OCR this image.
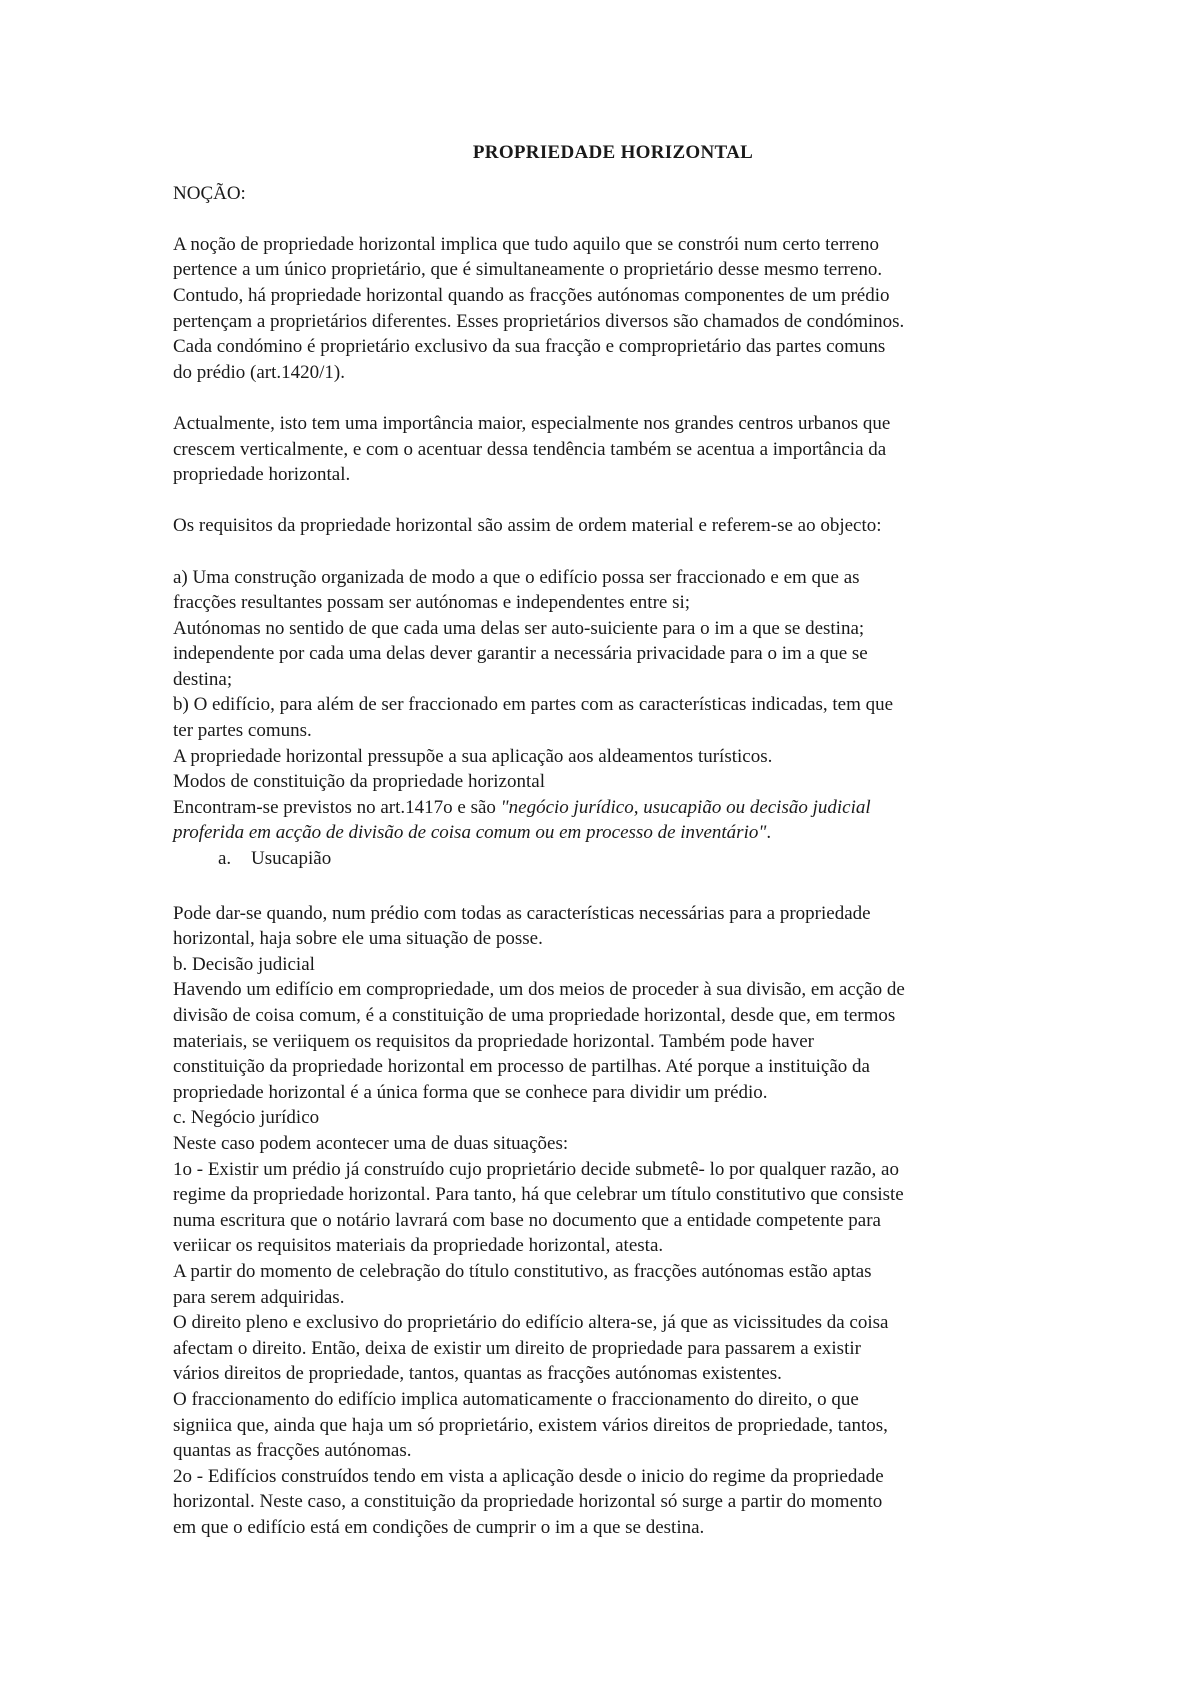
PROPRIEDADE HORIZONTAL
NOÇÃO:
A noção de propriedade horizontal implica que tudo aquilo que se constrói num certo terreno
pertence a um único proprietário, que é simultaneamente o proprietário desse mesmo terreno.
Contudo, há propriedade horizontal quando as fracções autónomas componentes de um prédio
pertençam a proprietários diferentes. Esses proprietários diversos são chamados de condóminos.
Cada condómino é proprietário exclusivo da sua fracção e comproprietário das partes comuns
do prédio (art.1420/1).
Actualmente, isto tem uma importância maior, especialmente nos grandes centros urbanos que
crescem verticalmente, e com o acentuar dessa tendência também se acentua a importância da
propriedade horizontal.
Os requisitos da propriedade horizontal são assim de ordem material e referem-se ao objecto:
a) Uma construção organizada de modo a que o edifício possa ser fraccionado e em que as
fracções resultantes possam ser autónomas e independentes entre si;
Autónomas no sentido de que cada uma delas ser auto-suiciente para o im a que se destina;
independente por cada uma delas dever garantir a necessária privacidade para o im a que se
destina;
b) O edifício, para além de ser fraccionado em partes com as características indicadas, tem que
ter partes comuns.
A propriedade horizontal pressupõe a sua aplicação aos aldeamentos turísticos.
Modos de constituição da propriedade horizontal
Encontram-se previstos no art.1417o e são "negócio jurídico, usucapião ou decisão judicial
proferida em acção de divisão de coisa comum ou em processo de inventário".
a. Usucapião
Pode dar-se quando, num prédio com todas as características necessárias para a propriedade
horizontal, haja sobre ele uma situação de posse.
b. Decisão judicial
Havendo um edifício em compropriedade, um dos meios de proceder à sua divisão, em acção de
divisão de coisa comum, é a constituição de uma propriedade horizontal, desde que, em termos
materiais, se veriiquem os requisitos da propriedade horizontal. Também pode haver
constituição da propriedade horizontal em processo de partilhas. Até porque a instituição da
propriedade horizontal é a única forma que se conhece para dividir um prédio.
c. Negócio jurídico
Neste caso podem acontecer uma de duas situações:
1o - Existir um prédio já construído cujo proprietário decide submetê- lo por qualquer razão, ao
regime da propriedade horizontal. Para tanto, há que celebrar um título constitutivo que consiste
numa escritura que o notário lavrará com base no documento que a entidade competente para
veriicar os requisitos materiais da propriedade horizontal, atesta.
A partir do momento de celebração do título constitutivo, as fracções autónomas estão aptas
para serem adquiridas.
O direito pleno e exclusivo do proprietário do edifício altera-se, já que as vicissitudes da coisa
afectam o direito. Então, deixa de existir um direito de propriedade para passarem a existir
vários direitos de propriedade, tantos, quantas as fracções autónomas existentes.
O fraccionamento do edifício implica automaticamente o fraccionamento do direito, o que
signiica que, ainda que haja um só proprietário, existem vários direitos de propriedade, tantos,
quantas as fracções autónomas.
2o - Edifícios construídos tendo em vista a aplicação desde o inicio do regime da propriedade
horizontal. Neste caso, a constituição da propriedade horizontal só surge a partir do momento
em que o edifício está em condições de cumprir o im a que se destina.
